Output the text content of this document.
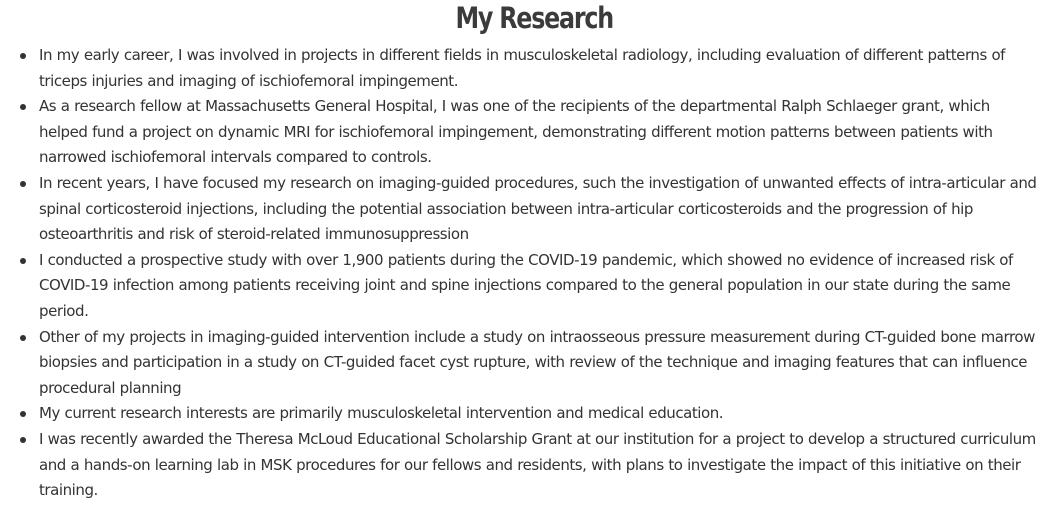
My Research
In my early career, I was involved in projects in different fields in musculoskeletal radiology, including evaluation of different patterns of triceps injuries and imaging of ischiofemoral impingement.
As a research fellow at Massachusetts General Hospital, I was one of the recipients of the departmental Ralph Schlaeger grant, which helped fund a project on dynamic MRI for ischiofemoral impingement, demonstrating different motion patterns between patients with narrowed ischiofemoral intervals compared to controls.
In recent years, I have focused my research on imaging-guided procedures, such the investigation of unwanted effects of intra-articular and spinal corticosteroid injections, including the potential association between intra-articular corticosteroids and the progression of hip osteoarthritis and risk of steroid-related immunosuppression
I conducted a prospective study with over 1,900 patients during the COVID-19 pandemic, which showed no evidence of increased risk of COVID-19 infection among patients receiving joint and spine injections compared to the general population in our state during the same period.
Other of my projects in imaging-guided intervention include a study on intraosseous pressure measurement during CT-guided bone marrow biopsies and participation in a study on CT-guided facet cyst rupture, with review of the technique and imaging features that can influence procedural planning
My current research interests are primarily musculoskeletal intervention and medical education.
I was recently awarded the Theresa McLoud Educational Scholarship Grant at our institution for a project to develop a structured curriculum and a hands-on learning lab in MSK procedures for our fellows and residents, with plans to investigate the impact of this initiative on their training.
